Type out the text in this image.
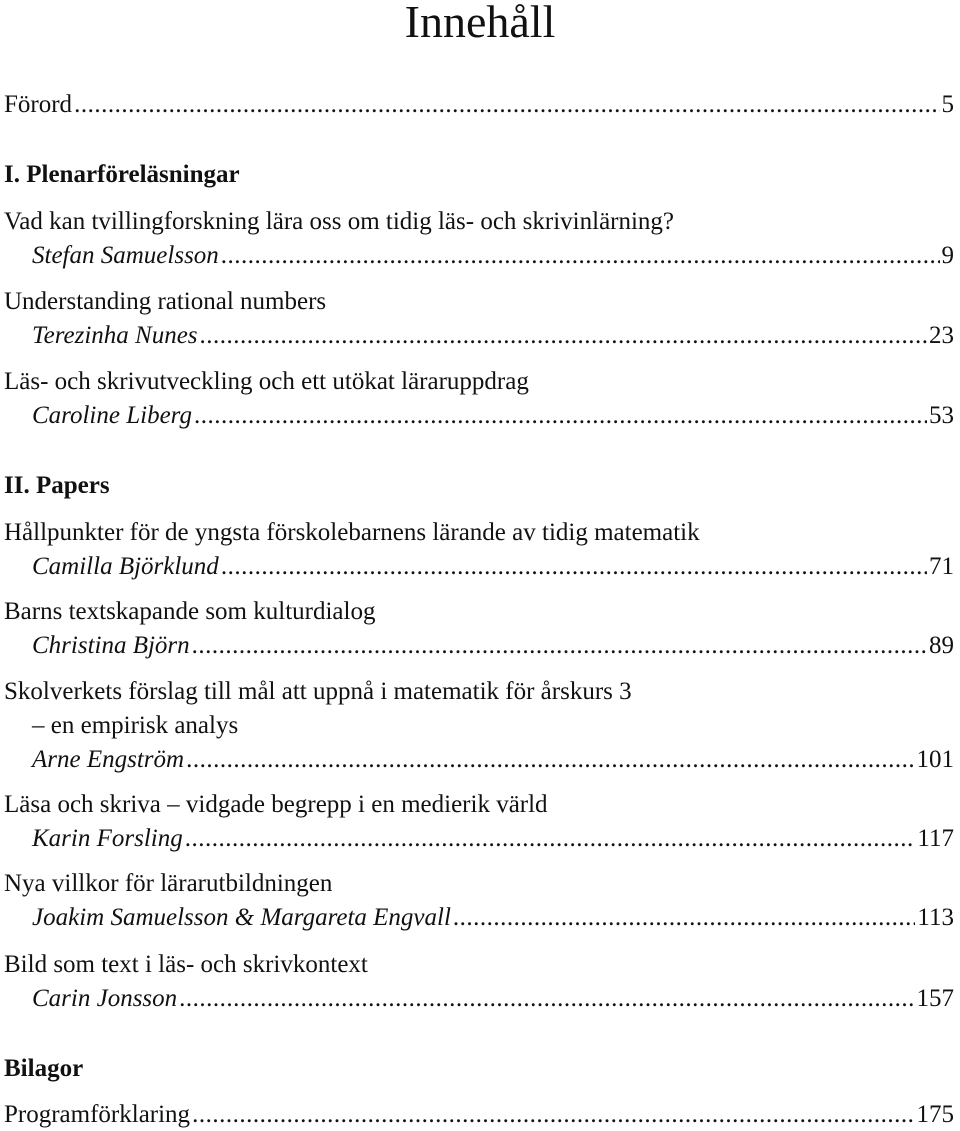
Innehåll
Förord .....	5
I. Plenarföreläsningar
Vad kan tvillingforskning lära oss om tidig läs- och skrivinlärning?
Stefan Samuelsson .....	9
Understanding rational numbers
Terezinha Nunes .....	23
Läs- och skrivutveckling och ett utökat läraruppdrag
Caroline Liberg .....	53
II. Papers
Hållpunkter för de yngsta förskolebarnens lärande av tidig matematik
Camilla Björklund .....	71
Barns textskapande som kulturdialog
Christina Björn .....	89
Skolverkets förslag till mål att uppnå i matematik för årskurs 3
– en empirisk analys
Arne Engström .....	101
Läsa och skriva – vidgade begrepp i en medierik värld
Karin Forsling .....	117
Nya villkor för lärarutbildningen
Joakim Samuelsson & Margareta Engvall .....	113
Bild som text i läs- och skrivkontext
Carin Jonsson .....	157
Bilagor
Programförklaring .....	175
